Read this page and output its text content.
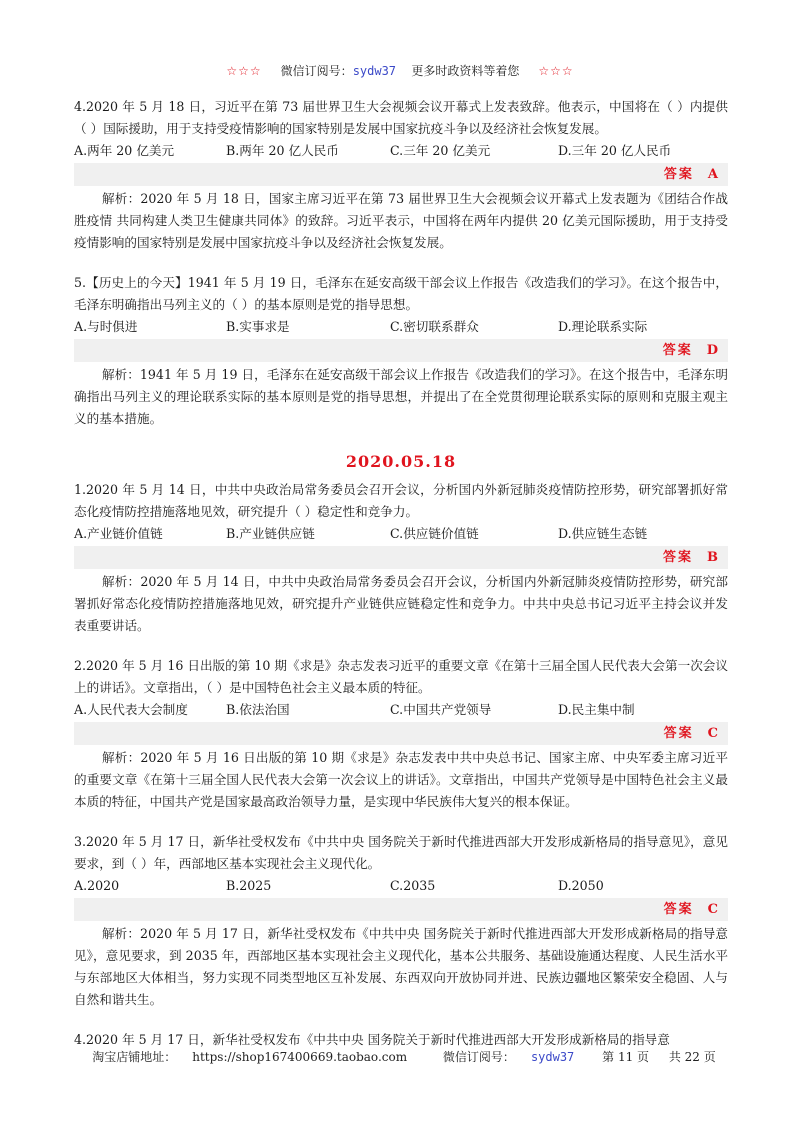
☆☆☆ 微信订阅号：sydw37 更多时政资料等着您 ☆☆☆

4.2020 年 5 月 18 日，习近平在第 73 届世界卫生大会视频会议开幕式上发表致辞。他表示，中国将在（ ）内提供（ ）国际援助，用于支持受疫情影响的国家特别是发展中国家抗疫斗争以及经济社会恢复发展。

A.两年 20 亿美元	B.两年 20 亿人民币	C.三年 20 亿美元	D.三年 20 亿人民币
答案 A

解析：2020 年 5 月 18 日，国家主席习近平在第 73 届世界卫生大会视频会议开幕式上发表题为《团结合作战胜疫情 共同构建人类卫生健康共同体》的致辞。习近平表示，中国将在两年内提供 20 亿美元国际援助，用于支持受疫情影响的国家特别是发展中国家抗疫斗争以及经济社会恢复发展。

5.【历史上的今天】1941 年 5 月 19 日，毛泽东在延安高级干部会议上作报告《改造我们的学习》。在这个报告中，毛泽东明确指出马列主义的（ ）的基本原则是党的指导思想。

A.与时俱进	B.实事求是	C.密切联系群众	D.理论联系实际
答案 D

解析：1941 年 5 月 19 日，毛泽东在延安高级干部会议上作报告《改造我们的学习》。在这个报告中，毛泽东明确指出马列主义的理论联系实际的基本原则是党的指导思想，并提出了在全党贯彻理论联系实际的原则和克服主观主义的基本措施。

2020.05.18

1.2020 年 5 月 14 日，中共中央政治局常务委员会召开会议，分析国内外新冠肺炎疫情防控形势，研究部署抓好常态化疫情防控措施落地见效，研究提升（ ）稳定性和竞争力。

A.产业链价值链	B.产业链供应链	C.供应链价值链	D.供应链生态链
答案 B

解析：2020 年 5 月 14 日，中共中央政治局常务委员会召开会议，分析国内外新冠肺炎疫情防控形势，研究部署抓好常态化疫情防控措施落地见效，研究提升产业链供应链稳定性和竞争力。中共中央总书记习近平主持会议并发表重要讲话。

2.2020 年 5 月 16 日出版的第 10 期《求是》杂志发表习近平的重要文章《在第十三届全国人民代表大会第一次会议上的讲话》。文章指出，（ ）是中国特色社会主义最本质的特征。

A.人民代表大会制度	B.依法治国	C.中国共产党领导	D.民主集中制
答案 C

解析：2020 年 5 月 16 日出版的第 10 期《求是》杂志发表中共中央总书记、国家主席、中央军委主席习近平的重要文章《在第十三届全国人民代表大会第一次会议上的讲话》。文章指出，中国共产党领导是中国特色社会主义最本质的特征，中国共产党是国家最高政治领导力量，是实现中华民族伟大复兴的根本保证。

3.2020 年 5 月 17 日，新华社受权发布《中共中央 国务院关于新时代推进西部大开发形成新格局的指导意见》，意见要求，到（ ）年，西部地区基本实现社会主义现代化。

A.2020	B.2025	C.2035	D.2050
答案 C

解析：2020 年 5 月 17 日，新华社受权发布《中共中央 国务院关于新时代推进西部大开发形成新格局的指导意见》，意见要求，到 2035 年，西部地区基本实现社会主义现代化，基本公共服务、基础设施通达程度、人民生活水平与东部地区大体相当，努力实现不同类型地区互补发展、东西双向开放协同并进、民族边疆地区繁荣安全稳固、人与自然和谐共生。

4.2020 年 5 月 17 日，新华社受权发布《中共中央 国务院关于新时代推进西部大开发形成新格局的指导意

淘宝店铺地址： https://shop167400669.taobao.com	微信订阅号： sydw37 第 11 页 共 22 页
